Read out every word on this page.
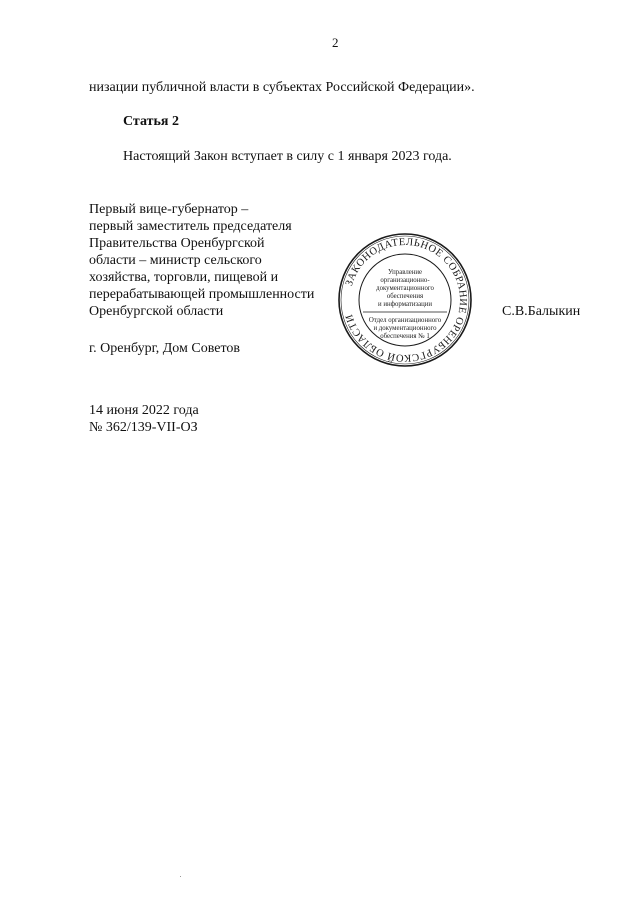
2
низации публичной власти в субъектах Российской Федерации».
Статья 2
Настоящий Закон вступает в силу с 1 января 2023 года.
Первый вице-губернатор –
первый заместитель председателя
Правительства Оренбургской
области – министр сельского
хозяйства, торговли, пищевой и
перерабатывающей промышленности
Оренбургской области
ЗАКОНОДАТЕЛЬНОЕ СОБРАНИЕ ОРЕНБУРГСКОЙ ОБЛАСТИ
Управление
организационно-
документационного
обеспечения
и информатизации
Отдел организационного
и документационного
обеспечения № 1
С.В.Балыкин
г. Оренбург, Дом Советов
14 июня 2022 года
№ 362/139-VII-ОЗ
